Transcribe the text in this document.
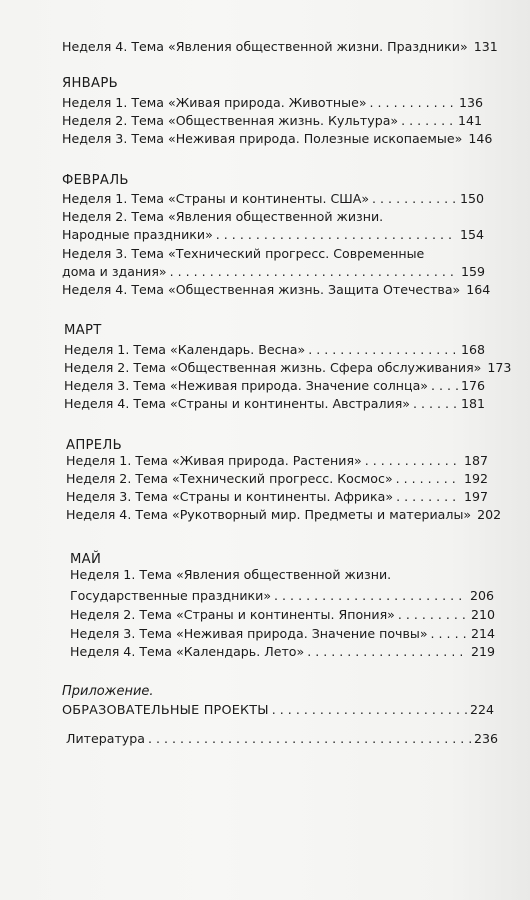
Неделя 4. Тема «Явления общественной жизни. Праздники» 131
ЯНВАРЬ
Неделя 1. Тема «Живая природа. Животные» . . .	136
Неделя 2. Тема «Общественная жизнь. Культура» . . .	141
Неделя 3. Тема «Неживая природа. Полезные ископаемые» 146
ФЕВРАЛЬ
Неделя 1. Тема «Страны и континенты. США» . . .	150
Неделя 2. Тема «Явления общественной жизни.
Народные праздники» . . .	154
Неделя 3. Тема «Технический прогресс. Современные
дома и здания» . . .	159
Неделя 4. Тема «Общественная жизнь. Защита Отечества» 164
МАРТ
Неделя 1. Тема «Календарь. Весна» . . .	168
Неделя 2. Тема «Общественная жизнь. Сфера обслуживания» 173
Неделя 3. Тема «Неживая природа. Значение солнца» . . .	176
Неделя 4. Тема «Страны и континенты. Австралия» . . .	181
АПРЕЛЬ
Неделя 1. Тема «Живая природа. Растения» . . .	187
Неделя 2. Тема «Технический прогресс. Космос» . . .	192
Неделя 3. Тема «Страны и континенты. Африка» . . .	197
Неделя 4. Тема «Рукотворный мир. Предметы и материалы» 202
МАЙ
Неделя 1. Тема «Явления общественной жизни.
Государственные праздники» . . .	206
Неделя 2. Тема «Страны и континенты. Япония» . . .	210
Неделя 3. Тема «Неживая природа. Значение почвы» . . .	214
Неделя 4. Тема «Календарь. Лето» . . .	219
Приложение.
ОБРАЗОВАТЕЛЬНЫЕ ПРОЕКТЫ . . .	224
Литература . . .	236
